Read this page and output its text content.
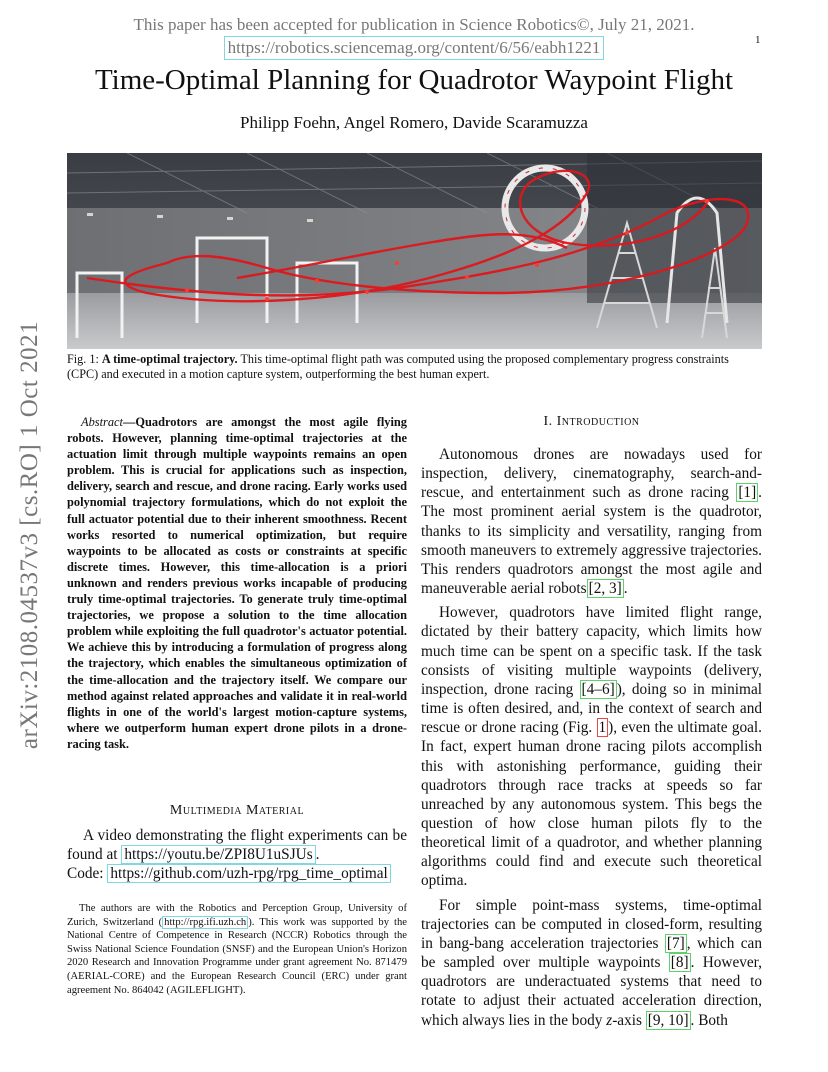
This paper has been accepted for publication in Science Robotics©, July 21, 2021.
https://robotics.sciencemag.org/content/6/56/eabh1221	1
Time-Optimal Planning for Quadrotor Waypoint Flight
Philipp Foehn, Angel Romero, Davide Scaramuzza
arXiv:2108.04537v3 [cs.RO] 1 Oct 2021 Fig. 1: A time-optimal trajectory. This time-optimal flight path was computed using the proposed complementary progress constraints (CPC) and executed in a motion capture system, outperforming the best human expert.
Abstract—Quadrotors are amongst the most agile flying robots. However, planning time-optimal trajectories at the actuation limit through multiple waypoints remains an open problem. This is crucial for applications such as inspection, delivery, search and rescue, and drone racing. Early works used polynomial trajectory formulations, which do not exploit the full actuator potential due to their inherent smoothness. Recent works resorted to numerical optimization, but require waypoints to be allocated as costs or constraints at specific discrete times. However, this time-allocation is a priori unknown and renders previous works incapable of producing truly time-optimal trajectories. To generate truly time-optimal trajectories, we propose a solution to the time allocation problem while exploiting the full quadrotor's actuator potential. We achieve this by introducing a formulation of progress along the trajectory, which enables the simultaneous optimization of the time-allocation and the trajectory itself. We compare our method against related approaches and validate it in real-world flights in one of the world's largest motion-capture systems, where we outperform human expert drone pilots in a drone-racing task.
Multimedia Material
A video demonstrating the flight experiments can be found at https://youtu.be/ZPI8U1uSJUs .
Code: https://github.com/uzh-rpg/rpg_time_optimal
The authors are with the Robotics and Perception Group, University of Zurich, Switzerland ( http://rpg.ifi.uzh.ch ). This work was supported by the National Centre of Competence in Research (NCCR) Robotics through the Swiss National Science Foundation (SNSF) and the European Union's Horizon 2020 Research and Innovation Programme under grant agreement No. 871479 (AERIAL-CORE) and the European Research Council (ERC) under grant agreement No. 864042 (AGILEFLIGHT).
I. Introduction

Autonomous drones are nowadays used for inspection, delivery, cinematography, search-and-rescue, and entertainment such as drone racing [1] . The most prominent aerial system is the quadrotor, thanks to its simplicity and versatility, ranging from smooth maneuvers to extremely aggressive trajectories. This renders quadrotors amongst the most agile and maneuverable aerial robots [2, 3] .

However, quadrotors have limited flight range, dictated by their battery capacity, which limits how much time can be spent on a specific task. If the task consists of visiting multiple waypoints (delivery, inspection, drone racing [4–6] ), doing so in minimal time is often desired, and, in the context of search and rescue or drone racing (Fig. 1 ), even the ultimate goal. In fact, expert human drone racing pilots accomplish this with astonishing performance, guiding their quadrotors through race tracks at speeds so far unreached by any autonomous system. This begs the question of how close human pilots fly to the theoretical limit of a quadrotor, and whether planning algorithms could find and execute such theoretical optima.

For simple point-mass systems, time-optimal trajectories can be computed in closed-form, resulting in bang-bang acceleration trajectories [7] , which can be sampled over multiple waypoints [8] . However, quadrotors are underactuated systems that need to rotate to adjust their actuated acceleration direction, which always lies in the body z-axis [9, 10] . Both
